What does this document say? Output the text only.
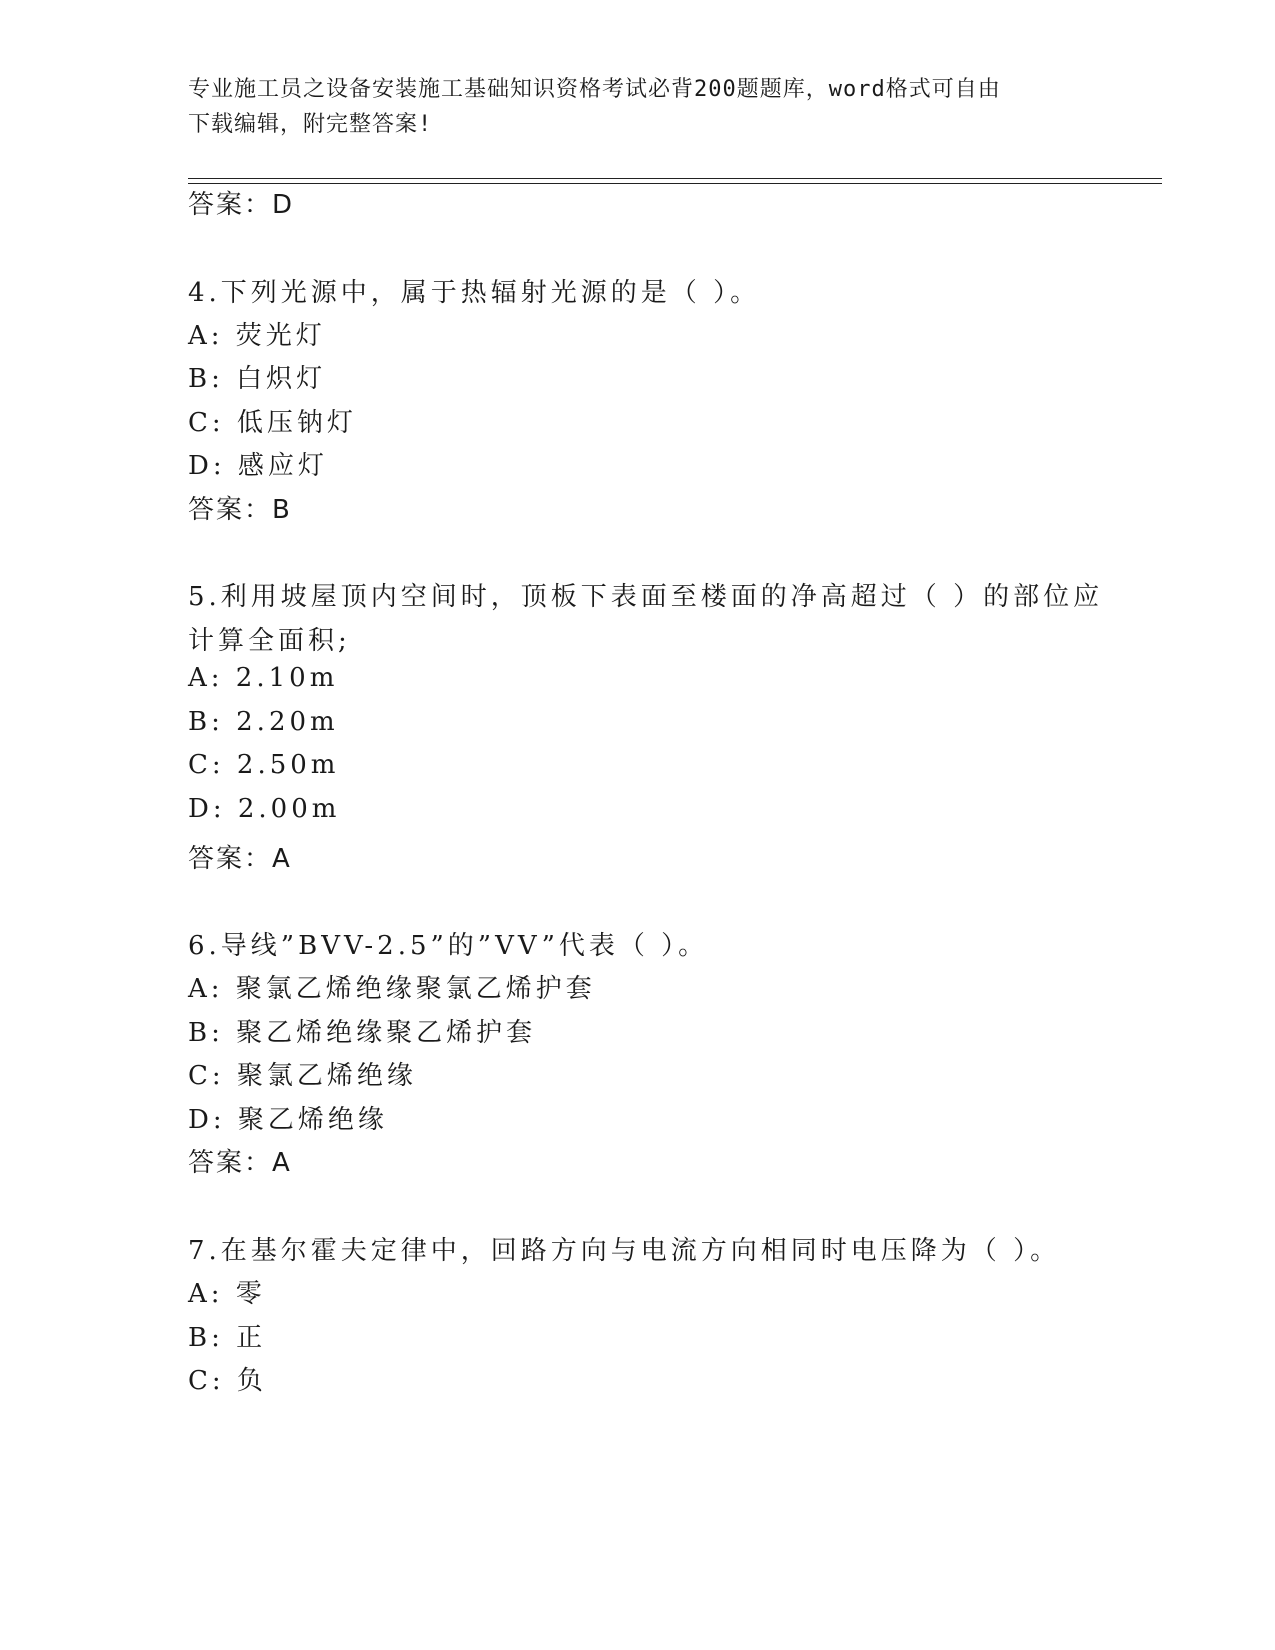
专业施工员之设备安装施工基础知识资格考试必背200题题库，word格式可自由
下载编辑，附完整答案!
答案：D
4.下列光源中，属于热辐射光源的是（ ）。
A: 荧光灯
B: 白炽灯
C: 低压钠灯
D: 感应灯
答案：B
5.利用坡屋顶内空间时，顶板下表面至楼面的净高超过（ ）的部位应
计算全面积;
A: 2.10m
B: 2.20m
C: 2.50m
D: 2.00m
答案：A
6.导线”BVV-2.5”的”VV”代表（ ）。
A: 聚氯乙烯绝缘聚氯乙烯护套
B: 聚乙烯绝缘聚乙烯护套
C: 聚氯乙烯绝缘
D: 聚乙烯绝缘
答案：A
7.在基尔霍夫定律中，回路方向与电流方向相同时电压降为（ ）。
A: 零
B: 正
C: 负
